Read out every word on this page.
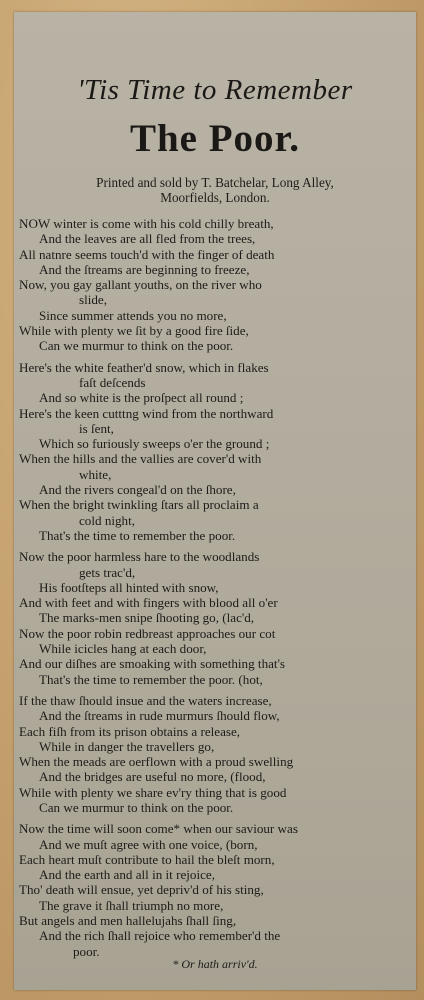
'Tis Time to Remember
The Poor.
Printed and sold by T. Batchelar, Long Alley,
Moorfields, London.
NOW winter is come with his cold chilly breath,
And the leaves are all fled from the trees,
All natnre seems touch'd with the finger of death
And the ſtreams are beginning to freeze,
Now, you gay gallant youths, on the river who
slide,
Since summer attends you no more,
While with plenty we ſit by a good fire ſide,
Can we murmur to think on the poor.
Here's the white feather'd snow, which in flakes
faſt deſcends
And so white is the proſpect all round ;
Here's the keen cutttng wind from the northward
is ſent,
Which so furiously sweeps o'er the ground ;
When the hills and the vallies are cover'd with
white,
And the rivers congeal'd on the ſhore,
When the bright twinkling ſtars all proclaim a
cold night,
That's the time to remember the poor.
Now the poor harmless hare to the woodlands
gets trac'd,
His footſteps all hinted with snow,
And with feet and with fingers with blood all o'er
The marks-men snipe ſhooting go, (lac'd,
Now the poor robin redbreast approaches our cot
While icicles hang at each door,
And our diſhes are smoaking with something that's
That's the time to remember the poor. (hot,
If the thaw ſhould insue and the waters increase,
And the ſtreams in rude murmurs ſhould flow,
Each fiſh from its prison obtains a release,
While in danger the travellers go,
When the meads are oerflown with a proud swelling
And the bridges are useful no more, (flood,
While with plenty we share ev'ry thing that is good
Can we murmur to think on the poor.
Now the time will soon come* when our saviour was
And we muſt agree with one voice, (born,
Each heart muſt contribute to hail the bleſt morn,
And the earth and all in it rejoice,
Tho' death will ensue, yet depriv'd of his sting,
The grave it ſhall triumph no more,
But angels and men hallelujahs ſhall ſing,
And the rich ſhall rejoice who remember'd the
poor.
* Or hath arriv'd.
